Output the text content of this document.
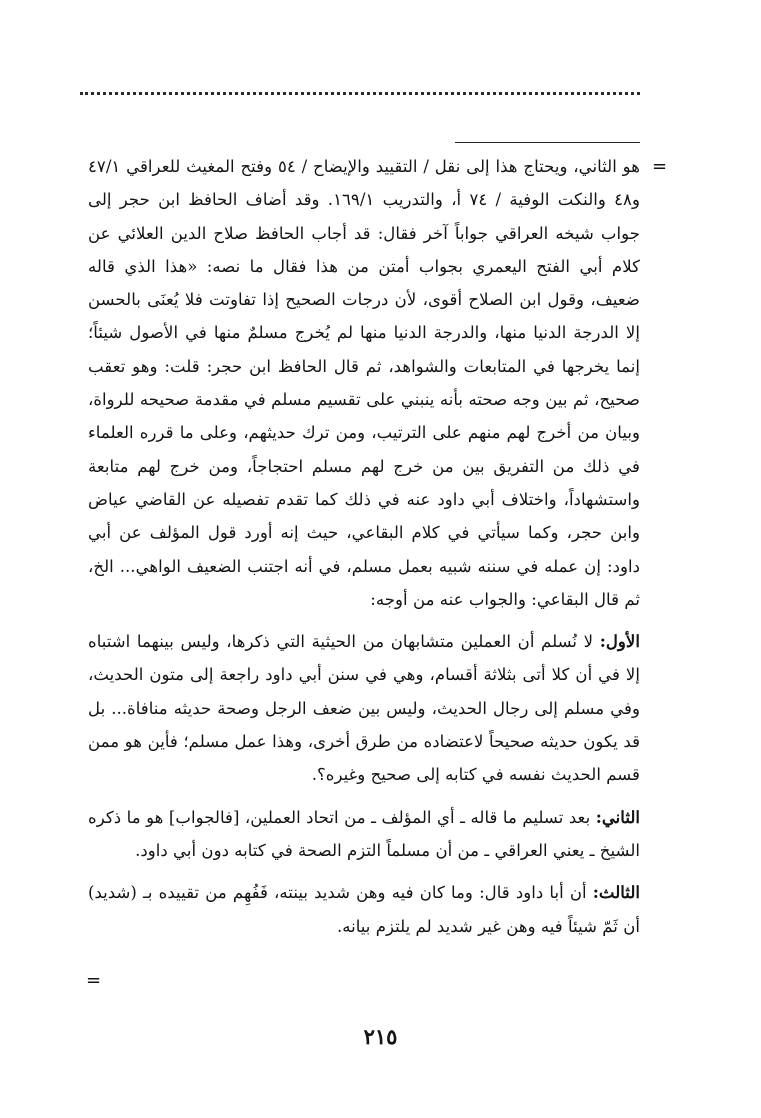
=

هو الثاني، ويحتاج هذا إلى نقل / التقييد والإيضاح / ٥٤ وفتح المغيث للعراقي ٤٧/١ و٤٨ والنكت الوفية / ٧٤ أ، والتدريب ١٦٩/١. وقد أضاف الحافظ ابن حجر إلى جواب شيخه العراقي جواباً آخر فقال: قد أجاب الحافظ صلاح الدين العلائي عن كلام أبي الفتح اليعمري بجواب أمتن من هذا فقال ما نصه: «هذا الذي قاله ضعيف، وقول ابن الصلاح أقوى، لأن درجات الصحيح إذا تفاوتت فلا يُعنَى بالحسن إلا الدرجة الدنيا منها، والدرجة الدنيا منها لم يُخرج مسلمٌ منها في الأصول شيئاً؛ إنما يخرجها في المتابعات والشواهد، ثم قال الحافظ ابن حجر: قلت: وهو تعقب صحيح، ثم بين وجه صحته بأنه ينبني على تقسيم مسلم في مقدمة صحيحه للرواة، وبيان من أخرج لهم منهم على الترتيب، ومن ترك حديثهم، وعلى ما قرره العلماء في ذلك من التفريق بين من خرج لهم مسلم احتجاجاً، ومن خرج لهم متابعة واستشهاداً، واختلاف أبي داود عنه في ذلك كما تقدم تفصيله عن القاضي عياض وابن حجر، وكما سيأتي في كلام البقاعي، حيث إنه أورد قول المؤلف عن أبي داود: إن عمله في سننه شبيه بعمل مسلم، في أنه اجتنب الضعيف الواهي... الخ، ثم قال البقاعي: والجواب عنه من أوجه:

الأول: لا نُسلم أن العملين متشابهان من الحيثية التي ذكرها، وليس بينهما اشتباه إلا في أن كلا أتى بثلاثة أقسام، وهي في سنن أبي داود راجعة إلى متون الحديث، وفي مسلم إلى رجال الحديث، وليس بين ضعف الرجل وصحة حديثه منافاة... بل قد يكون حديثه صحيحاً لاعتضاده من طرق أخرى، وهذا عمل مسلم؛ فأين هو ممن قسم الحديث نفسه في كتابه إلى صحيح وغيره؟.

الثاني: بعد تسليم ما قاله ـ أي المؤلف ـ من اتحاد العملين، [فالجواب] هو ما ذكره الشيخ ـ يعني العراقي ـ من أن مسلماً التزم الصحة في كتابه دون أبي داود.

الثالث: أن أبا داود قال: وما كان فيه وهن شديد بينته، فَفُهِم من تقييده بـ (شديد) أن ثَمّ شيئاً فيه وهن غير شديد لم يلتزم بيانه.

=
٢١٥
